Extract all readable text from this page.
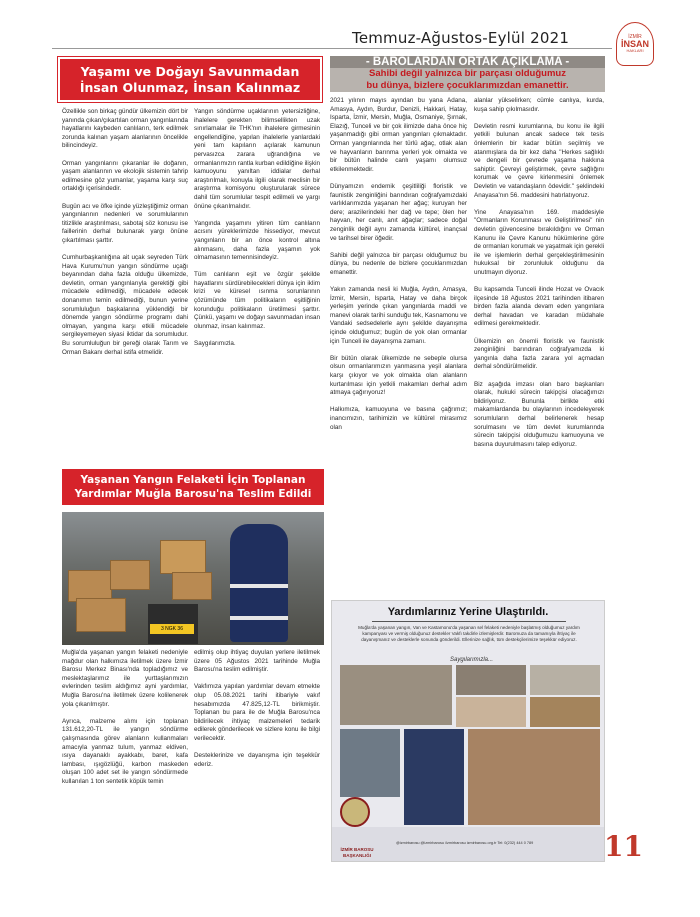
Temmuz-Ağustos-Eylül 2021	İZMİR
İNSAN
HAKLARI
Yaşamı ve Doğayı Savunmadan
İnsan Olunmaz, İnsan Kalınmaz

Özellikle son birkaç gündür ülkemizin dört bir yanında çıkan/çıkartılan orman yangınlarında hayatlarını kaybeden canlıların, terk edilmek zorunda kalınan yaşam alanlarının öncelikle bilincindeyiz.

Orman yangınlarını çıkaranlar ile doğanın, yaşam alanlarının ve ekolojik sistemin tahrip edilmesine göz yumanlar, yaşama karşı suç ortaklığı içerisindedir.

Bugün acı ve öfke içinde yüzleştiğimiz orman yangınlarının nedenleri ve sorumlularının titizlikle araştırılması, sabotaj söz konusu ise faillerinin derhal bulunarak yargı önüne çıkartılması şarttır.

Cumhurbaşkanlığına ait uçak seyreden Türk Hava Kurumu'nun yangın söndürme uçağı beyanından daha fazla olduğu ülkemizde, devletin, orman yangınlarıyla gerektiği gibi mücadele edilmediği, mücadele edecek donanımın temin edilmediği, bunun yerine sorumluluğun başkalarına yüklendiği bir dönemde yangın söndürme programı dahi olmayan, yangına karşı etkili mücadele sergileyemeyen siyasi iktidar da sorumludur. Bu sorumluluğun bir gereği olarak Tarım ve Orman Bakanı derhal istifa etmelidir.

Yangın söndürme uçaklarının yetersizliğine, ihalelere gerekten bilimsellikten uzak sınırlamalar ile THK'nın ihalelere girmesinin engellendiğine, yapılan ihalelerle yanlardaki yeni tam kapıların açılarak kamunun pervasızca zarara uğrandığına ve ormanlarımızın rantla kurban edildiğine ilişkin kamuoyunu yanıltan iddialar derhal araştırılmalı, konuyla ilgili olarak meclisin bir araştırma komisyonu oluşturularak sürece dahil tüm sorumlular tespit edilmeli ve yargı önüne çıkarılmalıdır.

Yangında yaşamını yitiren tüm canlıların acısını yüreklerimizde hissediyor, mevcut yangınların bir an önce kontrol altına alınmasını, daha fazla yaşamın yok olmamasının temennisindeyiz.

Tüm canlıların eşit ve özgür şekilde hayatlarını sürdürebilecekleri dünya için iklim krizi ve küresel ısınma sorunlarının çözümünde tüm politikaların eşitliğinin korunduğu politikaların üretilmesi şarttır. Çünkü, yaşamı ve doğayı savunmadan insan olunmaz, insan kalınmaz.

Saygılarımızla.

- BAROLARDAN ORTAK AÇIKLAMA -
Sahibi değil yalnızca bir parçası olduğumuz
bu dünya, bizlere çocuklarımızdan emanettir.

2021 yılının mayıs ayından bu yana Adana, Amasya, Aydın, Burdur, Denizli, Hakkari, Hatay, Isparta, İzmir, Mersin, Muğla, Osmaniye, Şırnak, Elazığ, Tunceli ve bir çok ilimizde daha önce hiç yaşanmadığı gibi orman yangınları çıkmaktadır. Orman yangınlarında her türlü ağaç, otlak alan ve hayvanların barınma yerleri yok olmakta ve bir bütün halinde canlı yaşamı olumsuz etkilenmektedir.

Dünyamızın endemik çeşitliliği floristik ve faunistik zenginliğini barındıran coğrafyamızdaki varlıklarımızda yaşanan her ağaç; kuruyan her dere; arazilerindeki her dağ ve tepe; ölen her hayvan, her canlı, anıt ağaçlar; sadece doğal zenginlik değil aynı zamanda kültürel, inançsal ve tarihsel birer öğedir.

Sahibi değil yalnızca bir parçası olduğumuz bu dünya, bu nedenle de bizlere çocuklarımızdan emanettir.

Yakın zamanda nesli ki Muğla, Aydın, Amasya, İzmir, Mersin, Isparta, Hatay ve daha birçok yerleşim yerinde çıkan yangınlarda maddi ve manevi olarak tarihi sunduğu tek, Kasnamonu ve Vandaki sedsedelerle aynı şekilde dayanışma içinde olduğumuz; bugün de yok olan ormanlar için Tunceli ile dayanışma zamanı.

Bir bütün olarak ülkemizde ne sebeple olursa olsun ormanlarımızın yanmasına yeşil alanlara karşı çıkıyor ve yok olmakta olan alanların kurtarılması için yetkili makamları derhal adım atmaya çağırıyoruz!

Halkımıza, kamuoyuna ve basına çağrımız; inancımızın, tarihimizin ve kültürel mirasımız olan

alanlar yükselirken; cümle canlıya, kurda, kuşa sahip çıkılmasıdır.

Devletin resmi kurumlarına, bu konu ile ilgili yetkili bulunan ancak sadece tek tesis önlemlerin bir kadar bütün seçilmiş ve atanmışlara da bir kez daha "Herkes sağlıklı ve dengeli bir çevrede yaşama hakkına sahiptir. Çevreyi geliştirmek, çevre sağlığını korumak ve çevre kirlenmesini önlemek Devletin ve vatandaşların ödevidir." şeklindeki Anayasa'nın 56. maddesini hatırlatıyoruz.

Yine Anayasa'nın 169. maddesiyle "Ormanların Korunması ve Geliştirilmesi" nin devletin güvencesine bırakıldığını ve Orman Kanunu ile Çevre Kanunu hükümlerine göre de ormanları korumak ve yaşatmak için gerekli ile ve işlemlerin derhal gerçekleştirilmesinin hukuksal bir zorunluluk olduğunu da unutmayın diyoruz.

Bu kapsamda Tunceli ilinde Hozat ve Ovacık ilçesinde 18 Ağustos 2021 tarihinden itibaren birden fazla alanda devam eden yangınlara derhal havadan ve karadan müdahale edilmesi gerekmektedir.

Ülkemizin en önemli floristik ve faunistik zenginliğini barındıran coğrafyamızda ki yangınla daha fazla zarara yol açmadan derhal söndürülmelidir.

Biz aşağıda imzası olan baro başkanları olarak, hukuki sürecin takipçisi olacağımızı bildiriyoruz. Bununla birlikte etki makamlardanda bu olaylarının incedeleyerek sorumluların derhal belirlenerek hesap sorulmasını ve tüm devlet kurumlarında sürecin takipçisi olduğumuzu kamuoyuna ve basına duyurulmasını talep ediyoruz.

Yaşanan Yangın Felaketi İçin Toplanan
Yardımlar Muğla Barosu'na Teslim Edildi
3 NGK 36

Muğla'da yaşanan yangın felaketi nedeniyle mağdur olan halkımıza iletilmek üzere İzmir Barosu Merkez Binası'nda topladığımız ve meslektaşlarımız ile yurttaşlarımızın evlerinden teslim aldığımız ayni yardımlar, Muğla Barosu'na iletilmek üzere kolilenerek yola çıkarılmıştır.

Ayrıca, malzeme alımı için toplanan 131.612,20-TL ile yangın söndürme çalışmasında görev alanların kullanmaları amacıyla yanmaz tulum, yanmaz eldiven, ısıya dayanaklı ayakkabı, baret, kafa lambası, ışıgözlüğü, karbon maskeden oluşan 100 adet set ile yangın söndürmede kullanılan 1 ton sentetik köpük temin

edilmiş olup ihtiyaç duyulan yerlere iletilmek üzere 05 Ağustos 2021 tarihinde Muğla Barosu'na teslim edilmiştir.

Vakfımıza yapılan yardımlar devam etmekte olup 05.08.2021 tarihi itibariyle vakıf hesabımızda 47.825,12-TL birikmiştir. Toplanan bu para ile de Muğla Barosu'nca bildirilecek ihtiyaç malzemeleri tedarik edilerek gönderilecek ve sizlere konu ile bilgi verilecektir.

Desteklerinize ve dayanışma için teşekkür ederiz.

Yardımlarınız Yerine Ulaştırıldı.
Muğla'da yaşanan yangın, Van ve Kastamonu'da yaşanan sel felaketi nedeniyle başlatmış olduğumuz yardım kampanyası ve vermiş olduğunuz destekler Vakfı takdirle izlemişlerdir. Baromuza da tamamıyla ihtiyaç ile dayanışmanız ve desteklerle sonunda gönderildi. Ellerinize sağlık, tüm destekçilerimize teşekkür ediyoruz.
Saygılarımızla...
İZMİR BAROSU
BAŞKANLIĞI
@izmirbarosu @izmirbarosu /izmirbarosu izmirbarosu.org.tr Tel: 0(232) 444 0 789	11
